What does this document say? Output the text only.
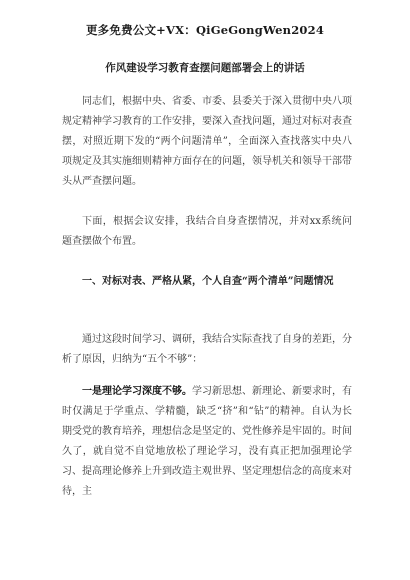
更多免费公文+VX：QiGeGongWen2024
作风建设学习教育查摆问题部署会上的讲话
同志们，根据中央、省委、市委、县委关于深入贯彻中央八项规定精神学习教育的工作安排，要深入查找问题，通过对标对表查摆，对照近期下发的“两个问题清单”，全面深入查找落实中央八项规定及其实施细则精神方面存在的问题，领导机关和领导干部带头从严查摆问题。
下面，根据会议安排，我结合自身查摆情况，并对xx系统问题查摆做个布置。
一、对标对表、严格从紧，个人自查“两个清单”问题情况
通过这段时间学习、调研，我结合实际查找了自身的差距，分析了原因，归纳为“五个不够”：
一是理论学习深度不够。学习新思想、新理论、新要求时，有时仅满足于学重点、学精髓，缺乏“挤”和“钻”的精神。自认为长期受党的教育培养，理想信念是坚定的、党性修养是牢固的。时间久了，就自觉不自觉地放松了理论学习，没有真正把加强理论学习、提高理论修养上升到改造主观世界、坚定理想信念的高度来对待，主
